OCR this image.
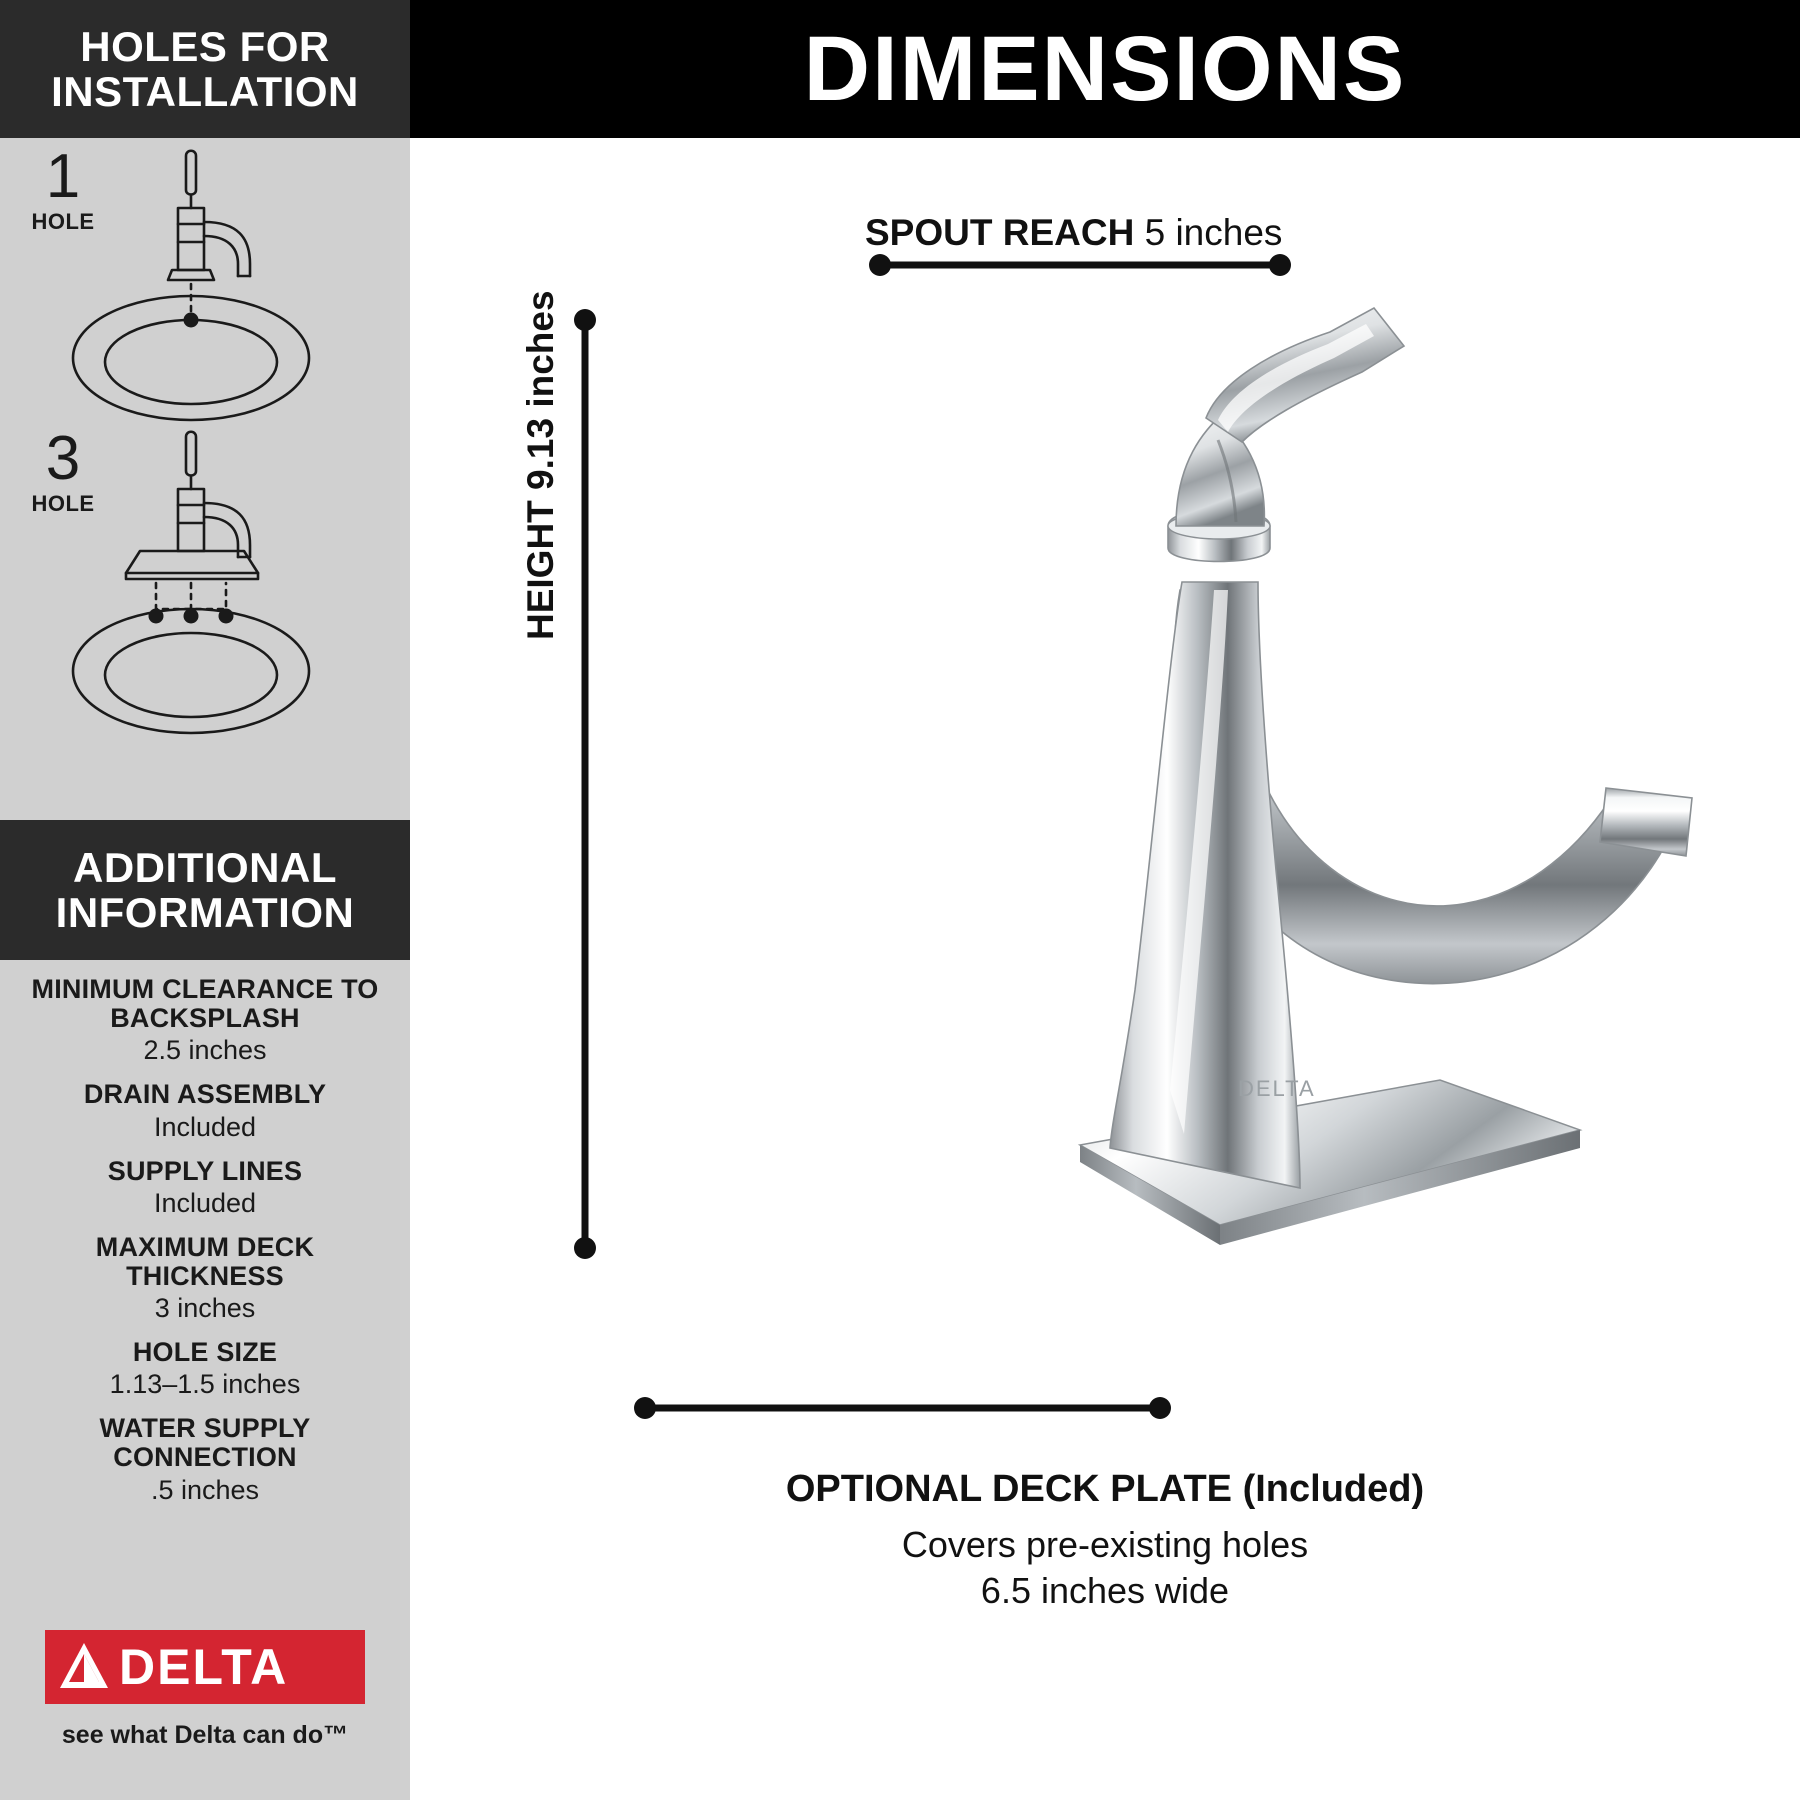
HOLES FOR
INSTALLATION
1
HOLE
3
HOLE
ADDITIONAL
INFORMATION
MINIMUM CLEARANCE TO BACKSPLASH
2.5 inches
DRAIN ASSEMBLY
Included
SUPPLY LINES
Included
MAXIMUM DECK THICKNESS
3 inches
HOLE SIZE
1.13–1.5 inches
WATER SUPPLY CONNECTION
.5 inches
DELTA
see what Delta can do™
DIMENSIONS
SPOUT REACH 5 inches
HEIGHT 9.13 inches
DELTA
OPTIONAL DECK PLATE (Included)
Covers pre-existing holes
6.5 inches wide
